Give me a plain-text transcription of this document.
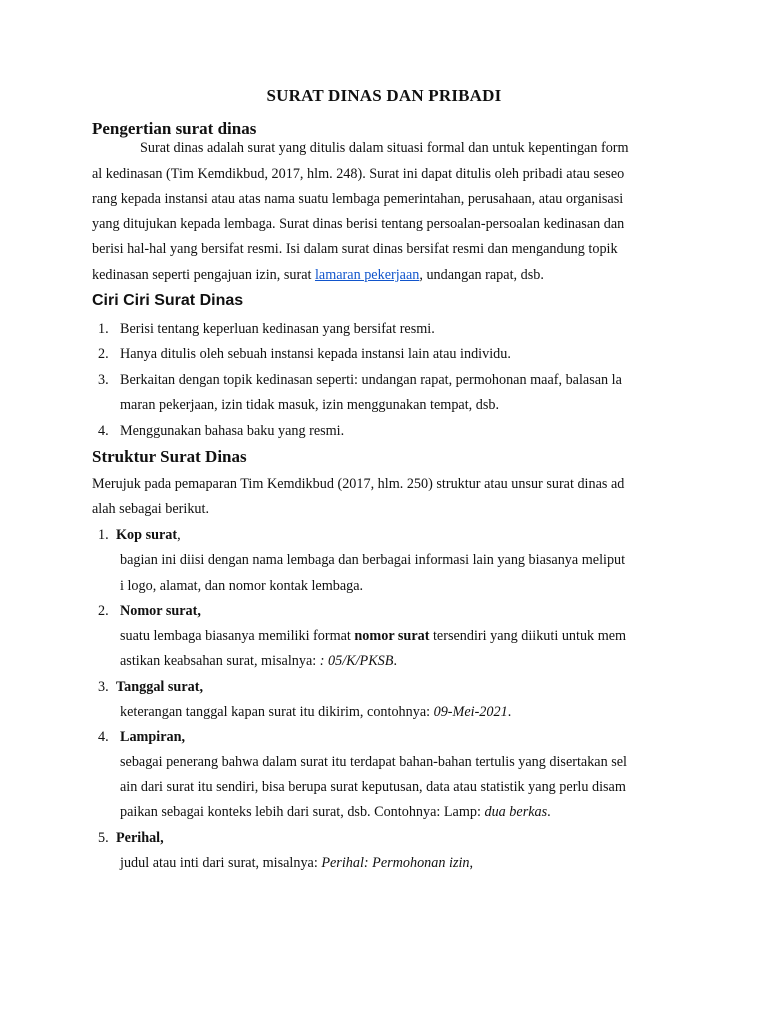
SURAT DINAS DAN PRIBADI
Pengertian surat dinas
Surat dinas adalah surat yang ditulis dalam situasi formal dan untuk kepentingan form
al kedinasan (Tim Kemdikbud, 2017, hlm. 248). Surat ini dapat ditulis oleh pribadi atau seseo
rang kepada instansi atau atas nama suatu lembaga pemerintahan, perusahaan, atau organisasi
yang ditujukan kepada lembaga. Surat dinas berisi tentang persoalan-persoalan kedinasan dan
berisi hal-hal yang bersifat resmi. Isi dalam surat dinas bersifat resmi dan mengandung topik
kedinasan seperti pengajuan izin, surat lamaran pekerjaan, undangan rapat, dsb.
Ciri Ciri Surat Dinas
1. Berisi tentang keperluan kedinasan yang bersifat resmi.
2. Hanya ditulis oleh sebuah instansi kepada instansi lain atau individu.
3. Berkaitan dengan topik kedinasan seperti: undangan rapat, permohonan maaf, balasan la
maran pekerjaan, izin tidak masuk, izin menggunakan tempat, dsb.
4. Menggunakan bahasa baku yang resmi.
Struktur Surat Dinas
Merujuk pada pemaparan Tim Kemdikbud (2017, hlm. 250) struktur atau unsur surat dinas ad
alah sebagai berikut.
1. Kop surat,
bagian ini diisi dengan nama lembaga dan berbagai informasi lain yang biasanya meliput
i logo, alamat, dan nomor kontak lembaga.
2. Nomor surat,
suatu lembaga biasanya memiliki format nomor surat tersendiri yang diikuti untuk mem
astikan keabsahan surat, misalnya: : 05/K/PKSB.
3. Tanggal surat,
keterangan tanggal kapan surat itu dikirim, contohnya: 09-Mei-2021.
4. Lampiran,
sebagai penerang bahwa dalam surat itu terdapat bahan-bahan tertulis yang disertakan sel
ain dari surat itu sendiri, bisa berupa surat keputusan, data atau statistik yang perlu disam
paikan sebagai konteks lebih dari surat, dsb. Contohnya: Lamp: dua berkas.
5. Perihal,
judul atau inti dari surat, misalnya: Perihal: Permohonan izin,
